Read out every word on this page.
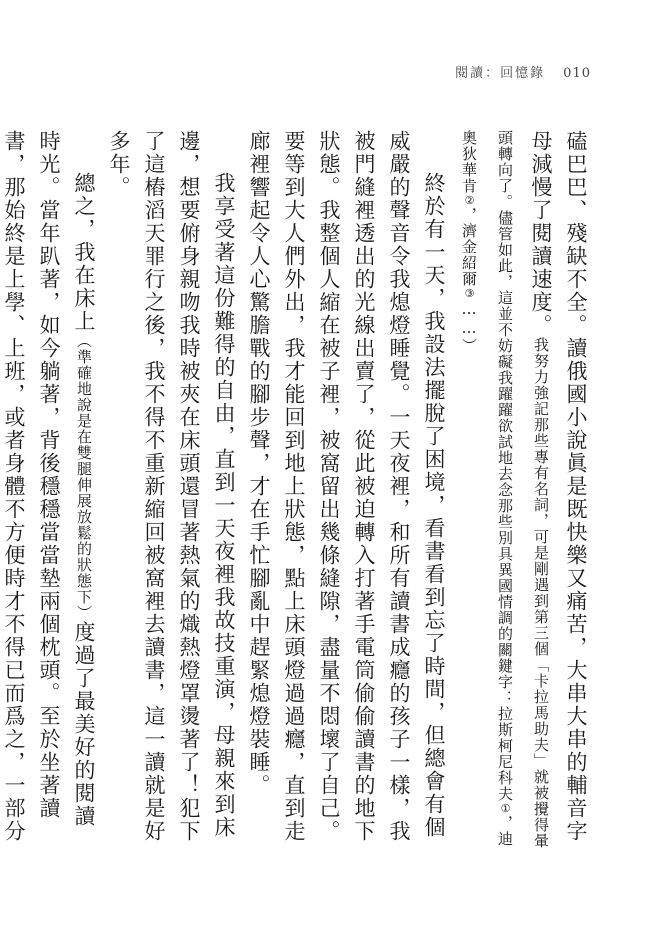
閱讀：回憶錄 010

磕巴巴、殘缺不全。讀俄國小說眞是既快樂又痛苦，大串大串的輔音字母減慢了閱讀速度。我努力強記那些專有名詞，可是剛遇到第三個「卡拉馬助夫」就被攪得暈頭轉向了。儘管如此，這並不妨礙我躍躍欲試地去念那些別具異國情調的關鍵字：拉斯柯尼科夫①，迪奧狄華肯②，濟金紹爾③……）

終於有一天，我設法擺脫了困境，看書看到忘了時間，但總會有個威嚴的聲音令我熄燈睡覺。一天夜裡，和所有讀書成癮的孩子一樣，我被門縫裡透出的光線出賣了，從此被迫轉入打著手電筒偷偷讀書的地下狀態。我整個人縮在被子裡，被窩留出幾條縫隙，盡量不悶壞了自己。要等到大人們外出，我才能回到地上狀態，點上床頭燈過過癮，直到走廊裡響起令人心驚膽戰的腳步聲，才在手忙腳亂中趕緊熄燈裝睡。

我享受著這份難得的自由，直到一天夜裡我故技重演，母親來到床邊，想要俯身親吻我時被夾在床頭還冒著熱氣的熾熱燈罩燙著了！犯下了這樁滔天罪行之後，我不得不重新縮回被窩裡去讀書，這一讀就是好多年。

總之，我在床上（準確地說是在雙腿伸展放鬆的狀態下）度過了最美好的閱讀時光。當年趴著，如今躺著，背後穩穩當當墊兩個枕頭。至於坐著讀書，那始終是上學、上班，或者身體不方便時才不得已而爲之，一部分
